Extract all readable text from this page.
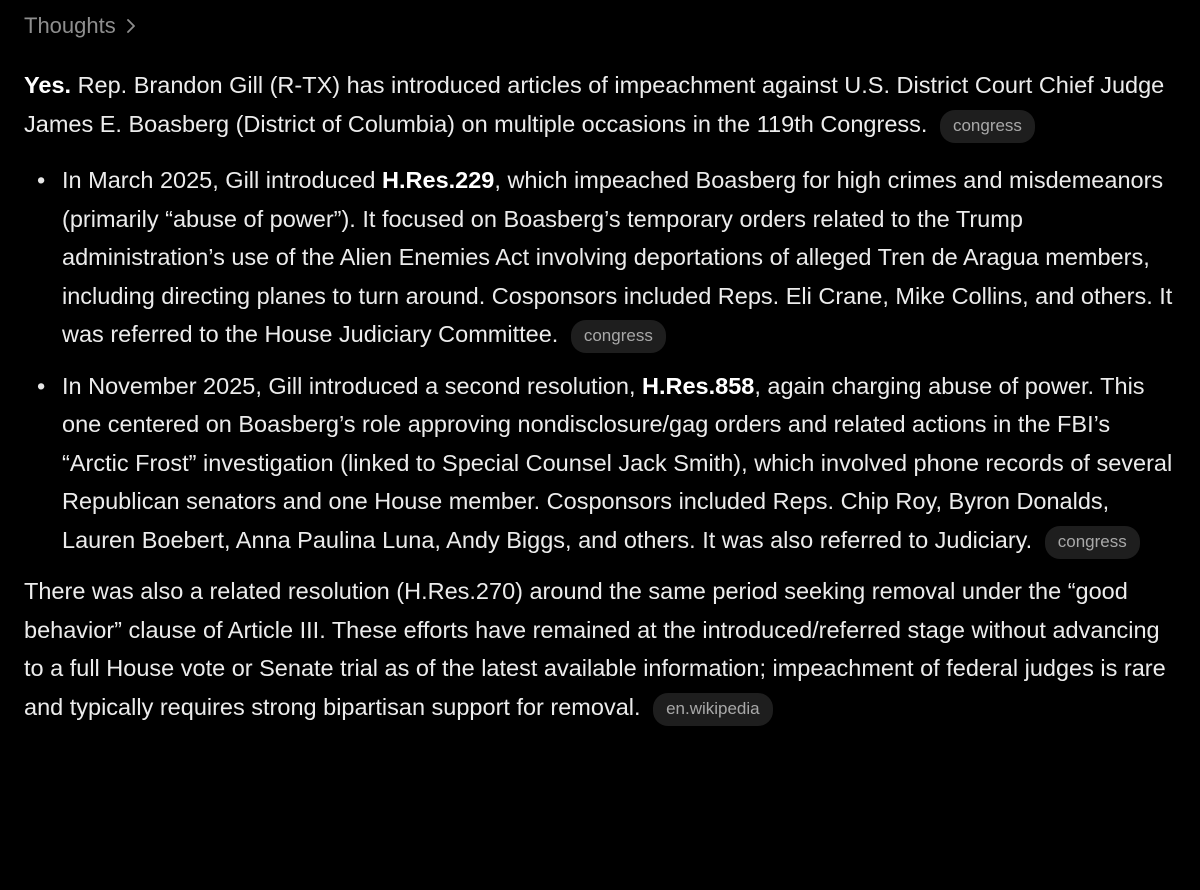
Thoughts

Yes. Rep. Brandon Gill (R-TX) has introduced articles of impeachment against U.S. District Court Chief Judge James E. Boasberg (District of Columbia) on multiple occasions in the 119th Congress. congress

• In March 2025, Gill introduced H.Res.229, which impeached Boasberg for high crimes and misdemeanors (primarily “abuse of power”). It focused on Boasberg’s temporary orders related to the Trump administration’s use of the Alien Enemies Act involving deportations of alleged Tren de Aragua members, including directing planes to turn around. Cosponsors included Reps. Eli Crane, Mike Collins, and others. It was referred to the House Judiciary Committee. congress

• In November 2025, Gill introduced a second resolution, H.Res.858, again charging abuse of power. This one centered on Boasberg’s role approving nondisclosure/gag orders and related actions in the FBI’s “Arctic Frost” investigation (linked to Special Counsel Jack Smith), which involved phone records of several Republican senators and one House member. Cosponsors included Reps. Chip Roy, Byron Donalds, Lauren Boebert, Anna Paulina Luna, Andy Biggs, and others. It was also referred to Judiciary. congress

There was also a related resolution (H.Res.270) around the same period seeking removal under the “good behavior” clause of Article III. These efforts have remained at the introduced/referred stage without advancing to a full House vote or Senate trial as of the latest available information; impeachment of federal judges is rare and typically requires strong bipartisan support for removal. en.wikipedia
